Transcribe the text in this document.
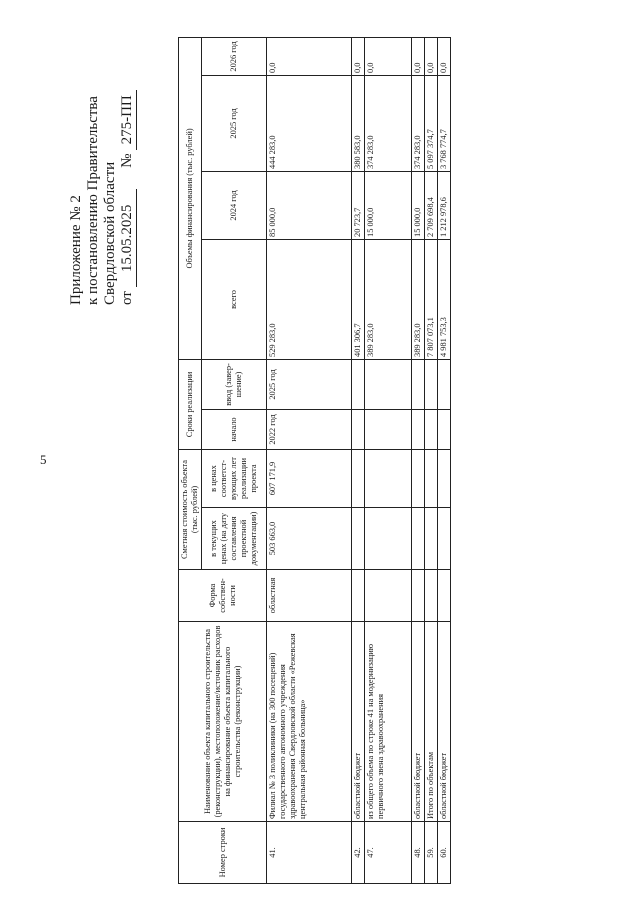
5
Приложение № 2 к постановлению Правительства Свердловской области от 15.05.2025  № 275-ПП
Номер строки	Наименование объекта капитального строительства (реконструкции), местоположение/источник расходов на финансирование объекта капитального строительства (реконструкции)	Форма собствен-ности	Сметная стоимость объекта (тыс. рублей)		Сроки реализации		Объемы финансирования (тыс. рублей)			
			в текущих ценах (на дату составления проектной документации)	в ценах соответст-вующих лет реализации проекта	начало	ввод (завер-шение)	всего	2024 год	2025 год	2026 год
41.	Филиал № 3 поликлиники (на 300 посещений) государственного автономного учреждения здравоохранения Свердловской области «Режевская центральная районная больница»	областная	503 663,0	607 171,9	2022 год	2025 год	529 283,0	85 000,0	444 283,0	0,0
42.	областной бюджет						401 306,7	20 723,7	380 583,0	0,0
47.	из общего объема по строке 41 на модернизацию первичного звена здравоохранения						389 283,0	15 000,0	374 283,0	0,0
48.	областной бюджет						389 283,0	15 000,0	374 283,0	0,0
59.	Итого по объектам						7 807 073,1	2 709 698,4	5 097 374,7	0,0
60.	областной бюджет						4 981 753,3	1 212 978,6	3 768 774,7	0,0
